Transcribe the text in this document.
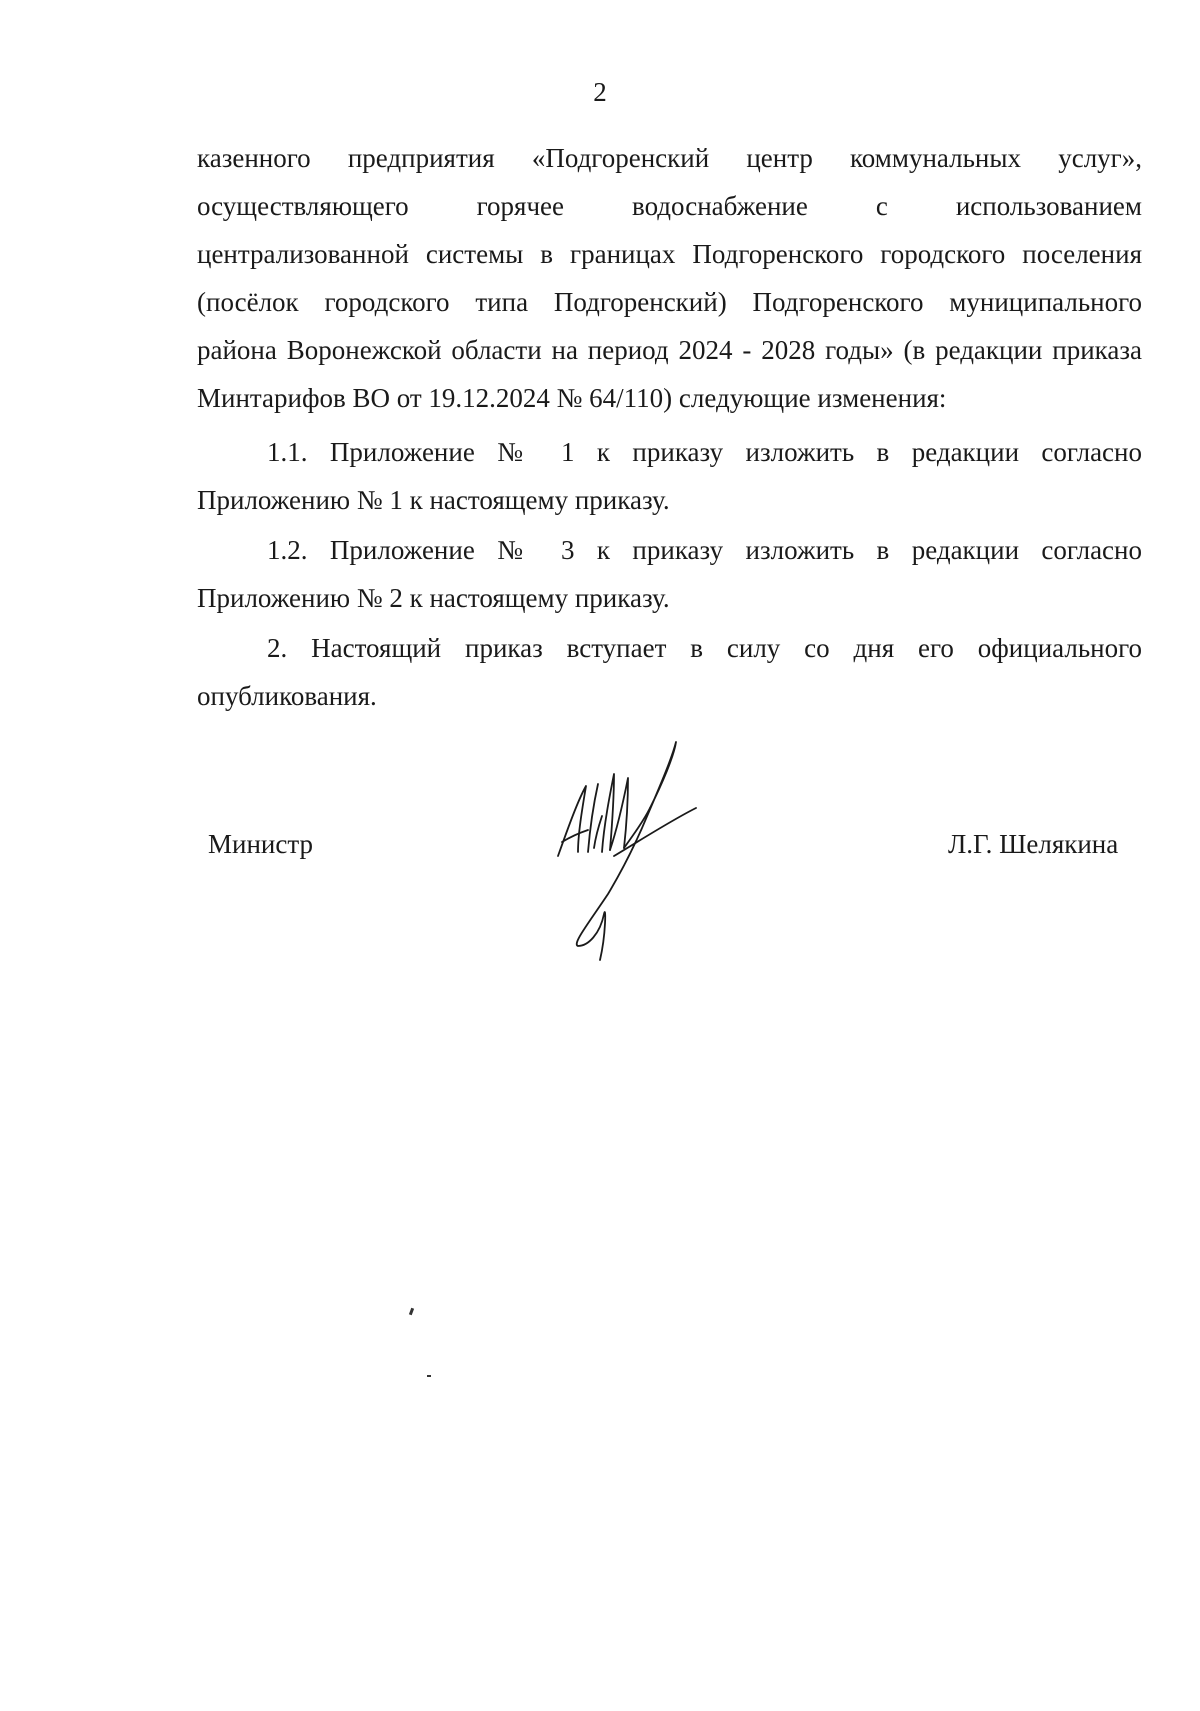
2
казенного предприятия «Подгоренский центр коммунальных услуг»,
осуществляющего горячее водоснабжение с использованием
централизованной системы в границах Подгоренского городского поселения
(посёлок городского типа Подгоренский) Подгоренского муниципального
района Воронежской области на период 2024 - 2028 годы» (в редакции приказа
Минтарифов ВО от 19.12.2024 № 64/110) следующие изменения:
1.1. Приложение № 1 к приказу изложить в редакции согласно
Приложению № 1 к настоящему приказу.
1.2. Приложение № 3 к приказу изложить в редакции согласно
Приложению № 2 к настоящему приказу.
2. Настоящий приказ вступает в силу со дня его официального
опубликования.
Министр	Л.Г. Шелякина
